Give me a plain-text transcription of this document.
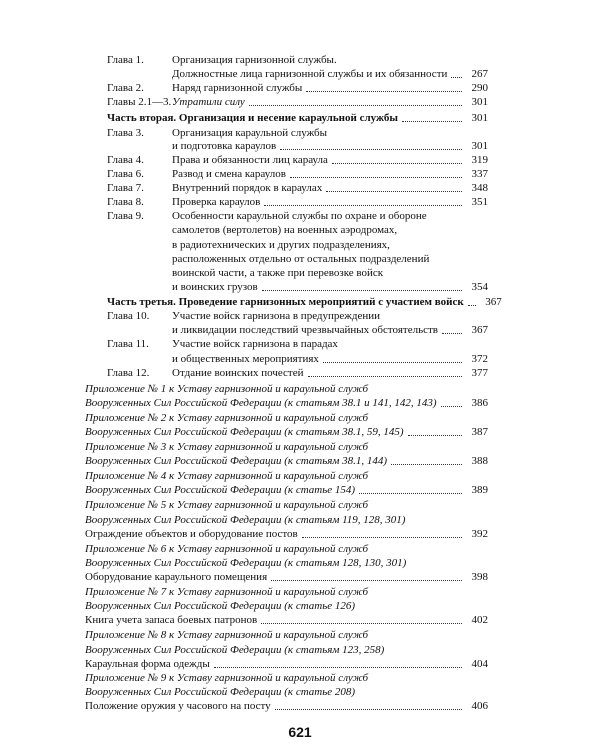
Глава 1.	Организация гарнизонной службы.
Должностные лица гарнизонной службы и их обязанности	267
Глава 2.	Наряд гарнизонной службы	290
Главы 2.1—3. Утратили силу	301
Часть вторая. Организация и несение караульной службы	301
Глава 3.	Организация караульной службы
и подготовка караулов	301
Глава 4.	Права и обязанности лиц караула	319
Глава 6.	Развод и смена караулов	337
Глава 7.	Внутренний порядок в караулах	348
Глава 8.	Проверка караулов	351
Глава 9.	Особенности караульной службы по охране и обороне
самолетов (вертолетов) на военных аэродромах,
в радиотехнических и других подразделениях,
расположенных отдельно от остальных подразделений
воинской части, а также при перевозке войск
и воинских грузов	354
Часть третья. Проведение гарнизонных мероприятий с участием войск	367
Глава 10. Участие войск гарнизона в предупреждении
и ликвидации последствий чрезвычайных обстоятельств	367
Глава 11. Участие войск гарнизона в парадах
и общественных мероприятиях	372
Глава 12.	Отдание воинских почестей	377
Приложение № 1 к Уставу гарнизонной и караульной служб
Вооруженных Сил Российской Федерации (к статьям 38.1 и 141, 142, 143)	386
Приложение № 2 к Уставу гарнизонной и караульной служб
Вооруженных Сил Российской Федерации (к статьям 38.1, 59, 145)	387
Приложение № 3 к Уставу гарнизонной и караульной служб
Вооруженных Сил Российской Федерации (к статьям 38.1, 144)	388
Приложение № 4 к Уставу гарнизонной и караульной служб
Вооруженных Сил Российской Федерации (к статье 154)	389
Приложение № 5 к Уставу гарнизонной и караульной служб
Вооруженных Сил Российской Федерации (к статьям 119, 128, 301)
Ограждение объектов и оборудование постов	392
Приложение № 6 к Уставу гарнизонной и караульной служб
Вооруженных Сил Российской Федерации (к статьям 128, 130, 301)
Оборудование караульного помещения	398
Приложение № 7 к Уставу гарнизонной и караульной служб
Вооруженных Сил Российской Федерации (к статье 126)
Книга учета запаса боевых патронов	402
Приложение № 8 к Уставу гарнизонной и караульной служб
Вооруженных Сил Российской Федерации (к статьям 123, 258)
Караульная форма одежды	404
Приложение № 9 к Уставу гарнизонной и караульной служб
Вооруженных Сил Российской Федерации (к статье 208)
Положение оружия у часового на посту	406
621
